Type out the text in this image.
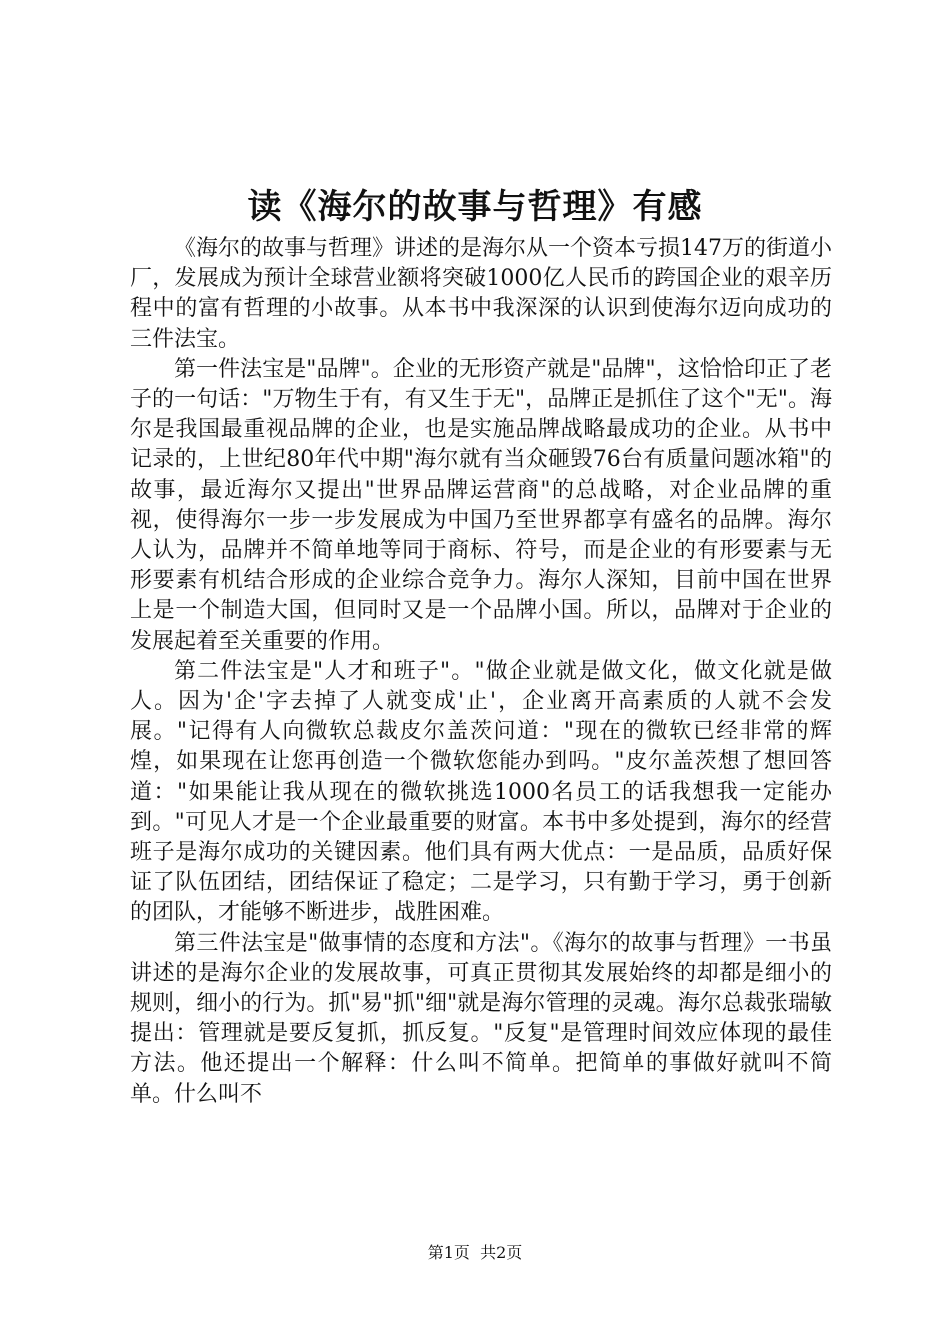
读《海尔的故事与哲理》有感

《海尔的故事与哲理》讲述的是海尔从一个资本亏损147万的街道小厂，发展成为预计全球营业额将突破1000亿人民币的跨国企业的艰辛历程中的富有哲理的小故事。从本书中我深深的认识到使海尔迈向成功的三件法宝。

第一件法宝是"品牌"。企业的无形资产就是"品牌"，这恰恰印正了老子的一句话："万物生于有，有又生于无"，品牌正是抓住了这个"无"。海尔是我国最重视品牌的企业，也是实施品牌战略最成功的企业。从书中记录的，上世纪80年代中期"海尔就有当众砸毁76台有质量问题冰箱"的故事，最近海尔又提出"世界品牌运营商"的总战略，对企业品牌的重视，使得海尔一步一步发展成为中国乃至世界都享有盛名的品牌。海尔人认为，品牌并不简单地等同于商标、符号，而是企业的有形要素与无形要素有机结合形成的企业综合竞争力。海尔人深知，目前中国在世界上是一个制造大国，但同时又是一个品牌小国。所以，品牌对于企业的发展起着至关重要的作用。

第二件法宝是"人才和班子"。"做企业就是做文化，做文化就是做人。因为'企'字去掉了人就变成'止'，企业离开高素质的人就不会发展。"记得有人向微软总裁皮尔盖茨问道："现在的微软已经非常的辉煌，如果现在让您再创造一个微软您能办到吗。"皮尔盖茨想了想回答道："如果能让我从现在的微软挑选1000名员工的话我想我一定能办到。"可见人才是一个企业最重要的财富。本书中多处提到，海尔的经营班子是海尔成功的关键因素。他们具有两大优点：一是品质，品质好保证了队伍团结，团结保证了稳定；二是学习，只有勤于学习，勇于创新的团队，才能够不断进步，战胜困难。

第三件法宝是"做事情的态度和方法"。《海尔的故事与哲理》一书虽讲述的是海尔企业的发展故事，可真正贯彻其发展始终的却都是细小的规则，细小的行为。抓"易"抓"细"就是海尔管理的灵魂。海尔总裁张瑞敏提出：管理就是要反复抓，抓反复。"反复"是管理时间效应体现的最佳方法。他还提出一个解释：什么叫不简单。把简单的事做好就叫不简单。什么叫不

第1页 共2页
